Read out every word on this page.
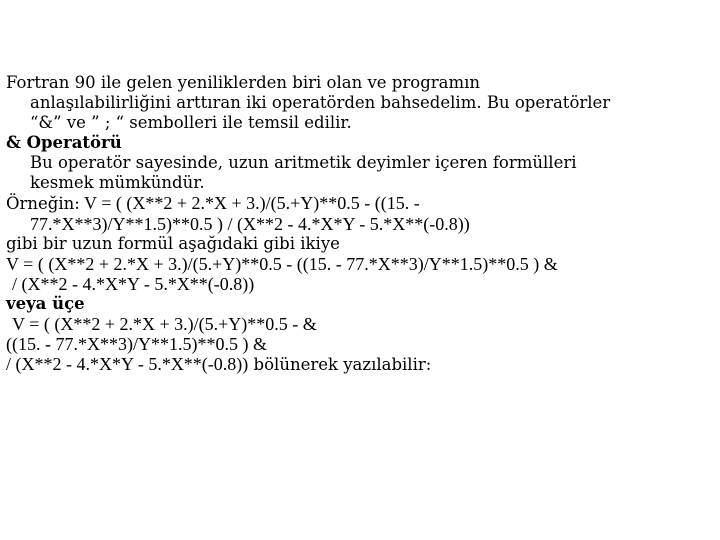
Fortran 90 ile gelen yeniliklerden biri olan ve programın
anlaşılabilirliğini arttıran iki operatörden bahsedelim. Bu operatörler
“&” ve ” ; “ sembolleri ile temsil edilir.
& Operatörü
Bu operatör sayesinde, uzun aritmetik deyimler içeren formülleri
kesmek mümkündür.
Örneğin: V = ( (X**2 + 2.*X + 3.)/(5.+Y)**0.5 - ((15. -
77.*X**3)/Y**1.5)**0.5 ) / (X**2 - 4.*X*Y - 5.*X**(-0.8))
gibi bir uzun formül aşağıdaki gibi ikiye
V = ( (X**2 + 2.*X + 3.)/(5.+Y)**0.5 - ((15. - 77.*X**3)/Y**1.5)**0.5 ) &
/ (X**2 - 4.*X*Y - 5.*X**(-0.8))
veya üçe
V = ( (X**2 + 2.*X + 3.)/(5.+Y)**0.5 - &
((15. - 77.*X**3)/Y**1.5)**0.5 ) &
/ (X**2 - 4.*X*Y - 5.*X**(-0.8)) bölünerek yazılabilir:
